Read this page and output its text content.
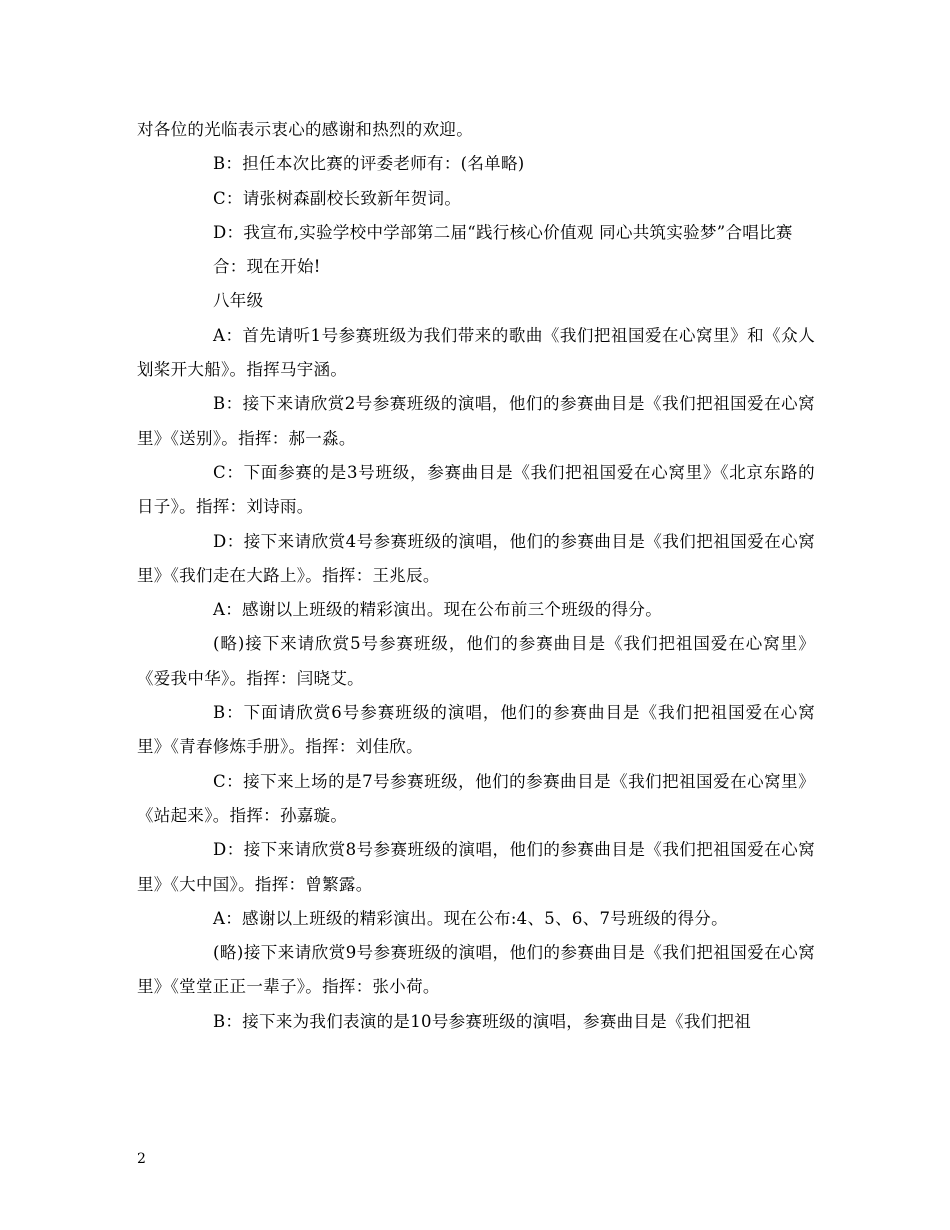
对各位的光临表示衷心的感谢和热烈的欢迎。

B：担任本次比赛的评委老师有：(名单略)

C：请张树森副校长致新年贺词。

D：我宣布,实验学校中学部第二届“践行核心价值观 同心共筑实验梦”合唱比赛

合：现在开始!

八年级

A：首先请听1号参赛班级为我们带来的歌曲《我们把祖国爱在心窝里》和《众人划桨开大船》。指挥马宇涵。

B：接下来请欣赏2号参赛班级的演唱，他们的参赛曲目是《我们把祖国爱在心窝里》《送别》。指挥：郝一淼。

C：下面参赛的是3号班级，参赛曲目是《我们把祖国爱在心窝里》《北京东路的日子》。指挥：刘诗雨。

D：接下来请欣赏4号参赛班级的演唱，他们的参赛曲目是《我们把祖国爱在心窝里》《我们走在大路上》。指挥：王兆辰。

A：感谢以上班级的精彩演出。现在公布前三个班级的得分。

(略)接下来请欣赏5号参赛班级，他们的参赛曲目是《我们把祖国爱在心窝里》《爱我中华》。指挥：闫晓艾。

B：下面请欣赏6号参赛班级的演唱，他们的参赛曲目是《我们把祖国爱在心窝里》《青春修炼手册》。指挥：刘佳欣。

C：接下来上场的是7号参赛班级，他们的参赛曲目是《我们把祖国爱在心窝里》《站起来》。指挥：孙嘉璇。

D：接下来请欣赏8号参赛班级的演唱，他们的参赛曲目是《我们把祖国爱在心窝里》《大中国》。指挥：曾繁露。

A：感谢以上班级的精彩演出。现在公布:4、5、6、7号班级的得分。

(略)接下来请欣赏9号参赛班级的演唱，他们的参赛曲目是《我们把祖国爱在心窝里》《堂堂正正一辈子》。指挥：张小荷。

B：接下来为我们表演的是10号参赛班级的演唱，参赛曲目是《我们把祖

2
